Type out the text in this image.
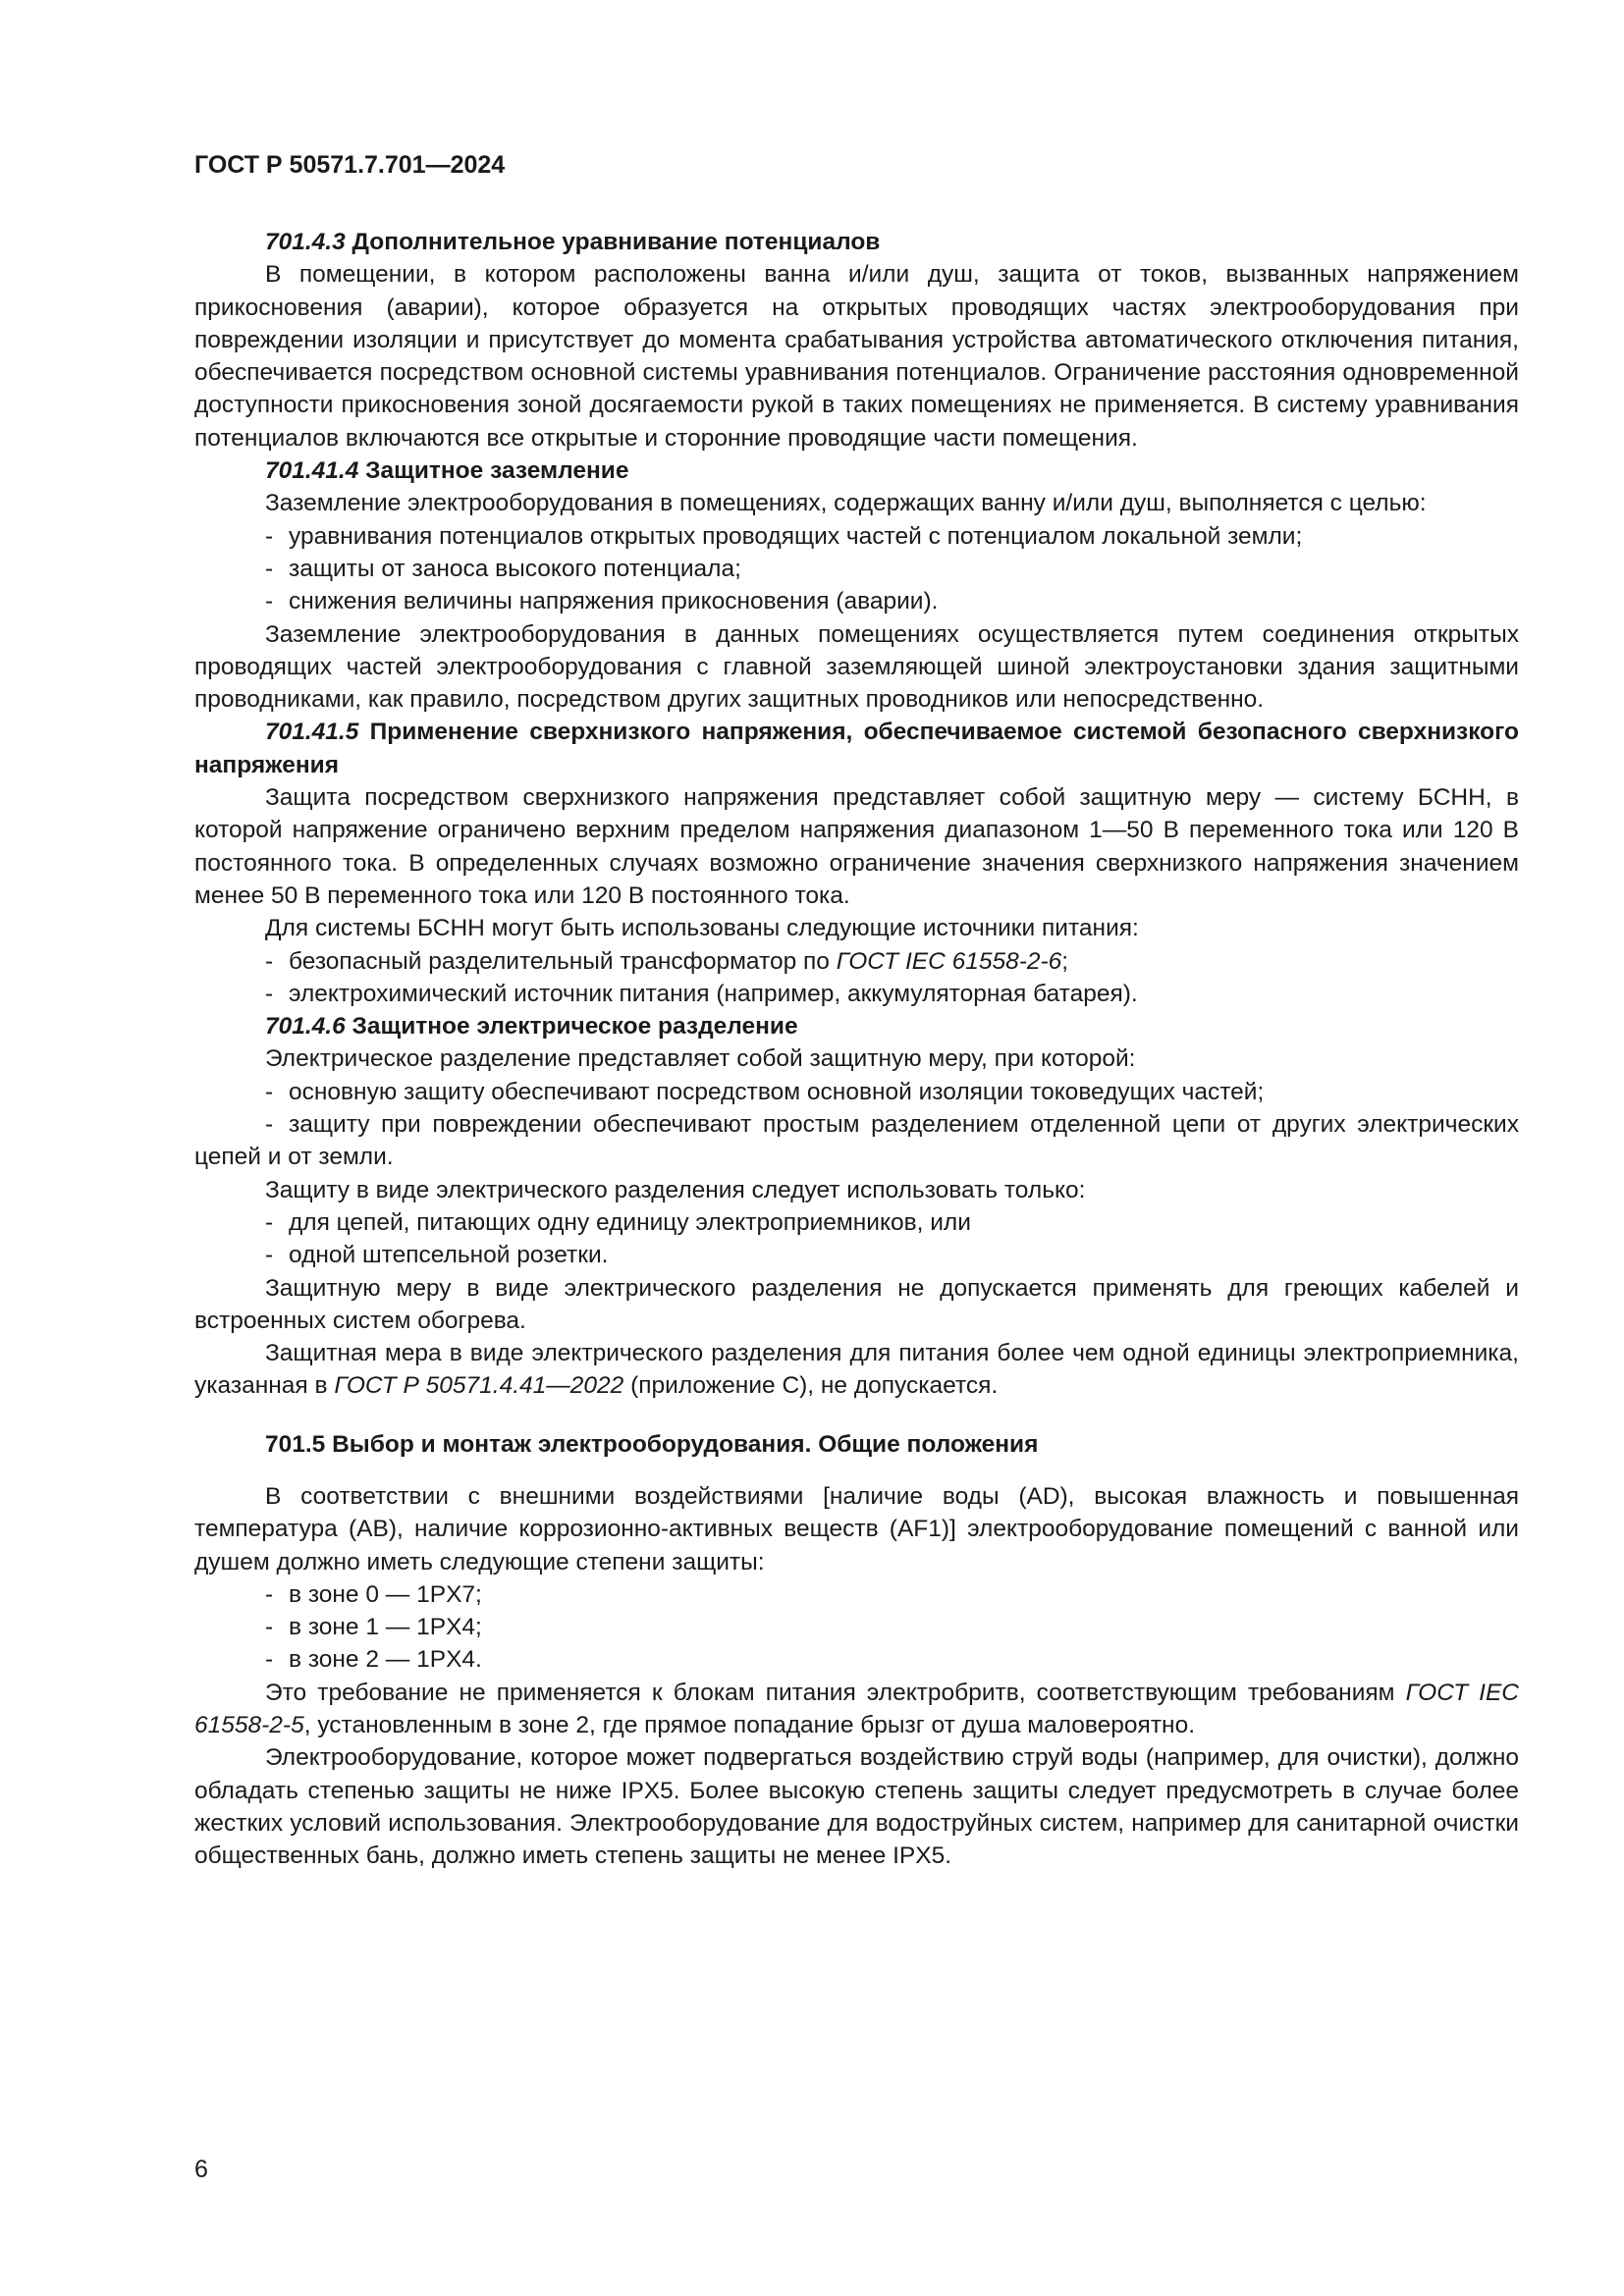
ГОСТ Р 50571.7.701—2024

701.4.3 Дополнительное уравнивание потенциалов

В помещении, в котором расположены ванна и/или душ, защита от токов, вызванных напряжением прикосновения (аварии), которое образуется на открытых проводящих частях электрооборудования при повреждении изоляции и присутствует до момента срабатывания устройства автоматического отключения питания, обеспечивается посредством основной системы уравнивания потенциалов. Ограничение расстояния одновременной доступности прикосновения зоной досягаемости рукой в таких помещениях не применяется. В систему уравнивания потенциалов включаются все открытые и сторонние проводящие части помещения.

701.41.4 Защитное заземление

Заземление электрооборудования в помещениях, содержащих ванну и/или душ, выполняется с целью:

- уравнивания потенциалов открытых проводящих частей с потенциалом локальной земли;

- защиты от заноса высокого потенциала;

- снижения величины напряжения прикосновения (аварии).

Заземление электрооборудования в данных помещениях осуществляется путем соединения открытых проводящих частей электрооборудования с главной заземляющей шиной электроустановки здания защитными проводниками, как правило, посредством других защитных проводников или непосредственно.

701.41.5 Применение сверхнизкого напряжения, обеспечиваемое системой безопасного сверхнизкого напряжения

Защита посредством сверхнизкого напряжения представляет собой защитную меру — систему БСНН, в которой напряжение ограничено верхним пределом напряжения диапазоном 1—50 В переменного тока или 120 В постоянного тока. В определенных случаях возможно ограничение значения сверхнизкого напряжения значением менее 50 В переменного тока или 120 В постоянного тока.

Для системы БСНН могут быть использованы следующие источники питания:

- безопасный разделительный трансформатор по ГОСТ IEC 61558-2-6;

- электрохимический источник питания (например, аккумуляторная батарея).

701.4.6 Защитное электрическое разделение

Электрическое разделение представляет собой защитную меру, при которой:

- основную защиту обеспечивают посредством основной изоляции токоведущих частей;

- защиту при повреждении обеспечивают простым разделением отделенной цепи от других электрических цепей и от земли.

Защиту в виде электрического разделения следует использовать только:

- для цепей, питающих одну единицу электроприемников, или

- одной штепсельной розетки.

Защитную меру в виде электрического разделения не допускается применять для греющих кабелей и встроенных систем обогрева.

Защитная мера в виде электрического разделения для питания более чем одной единицы электроприемника, указанная в ГОСТ Р 50571.4.41—2022 (приложение С), не допускается.

701.5 Выбор и монтаж электрооборудования. Общие положения

В соответствии с внешними воздействиями [наличие воды (AD), высокая влажность и повышенная температура (АВ), наличие коррозионно-активных веществ (AF1)] электрооборудование помещений с ванной или душем должно иметь следующие степени защиты:

- в зоне 0 — 1PX7;

- в зоне 1 — 1PX4;

- в зоне 2 — 1PX4.

Это требование не применяется к блокам питания электробритв, соответствующим требованиям ГОСТ IEC 61558-2-5, установленным в зоне 2, где прямое попадание брызг от душа маловероятно.

Электрооборудование, которое может подвергаться воздействию струй воды (например, для очистки), должно обладать степенью защиты не ниже IPX5. Более высокую степень защиты следует предусмотреть в случае более жестких условий использования. Электрооборудование для водоструйных систем, например для санитарной очистки общественных бань, должно иметь степень защиты не менее IPX5.

6
